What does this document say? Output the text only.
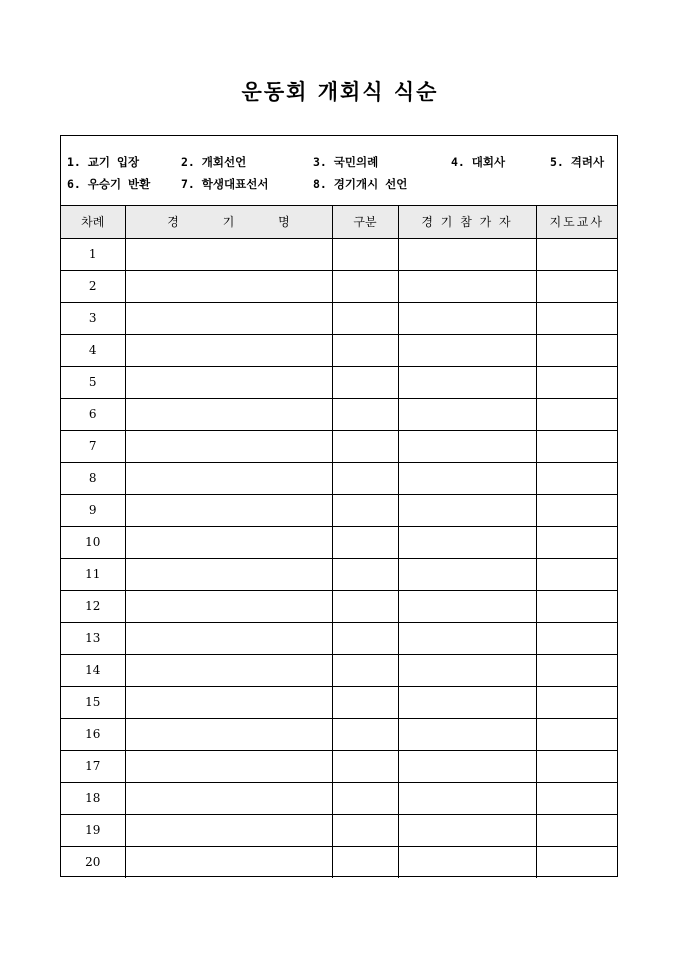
운동회 개회식 식순
1. 교기 입장	2. 개회선언	3. 국민의례	4. 대회사	5. 격려사
6. 우승기 반환	7. 학생대표선서	8. 경기개시 선언
차례	경 기 명	구분	경 기 참 가 자	지도교사
1				
2				
3				
4				
5				
6				
7				
8				
9				
10				
11				
12				
13				
14				
15				
16				
17				
18				
19				
20				
